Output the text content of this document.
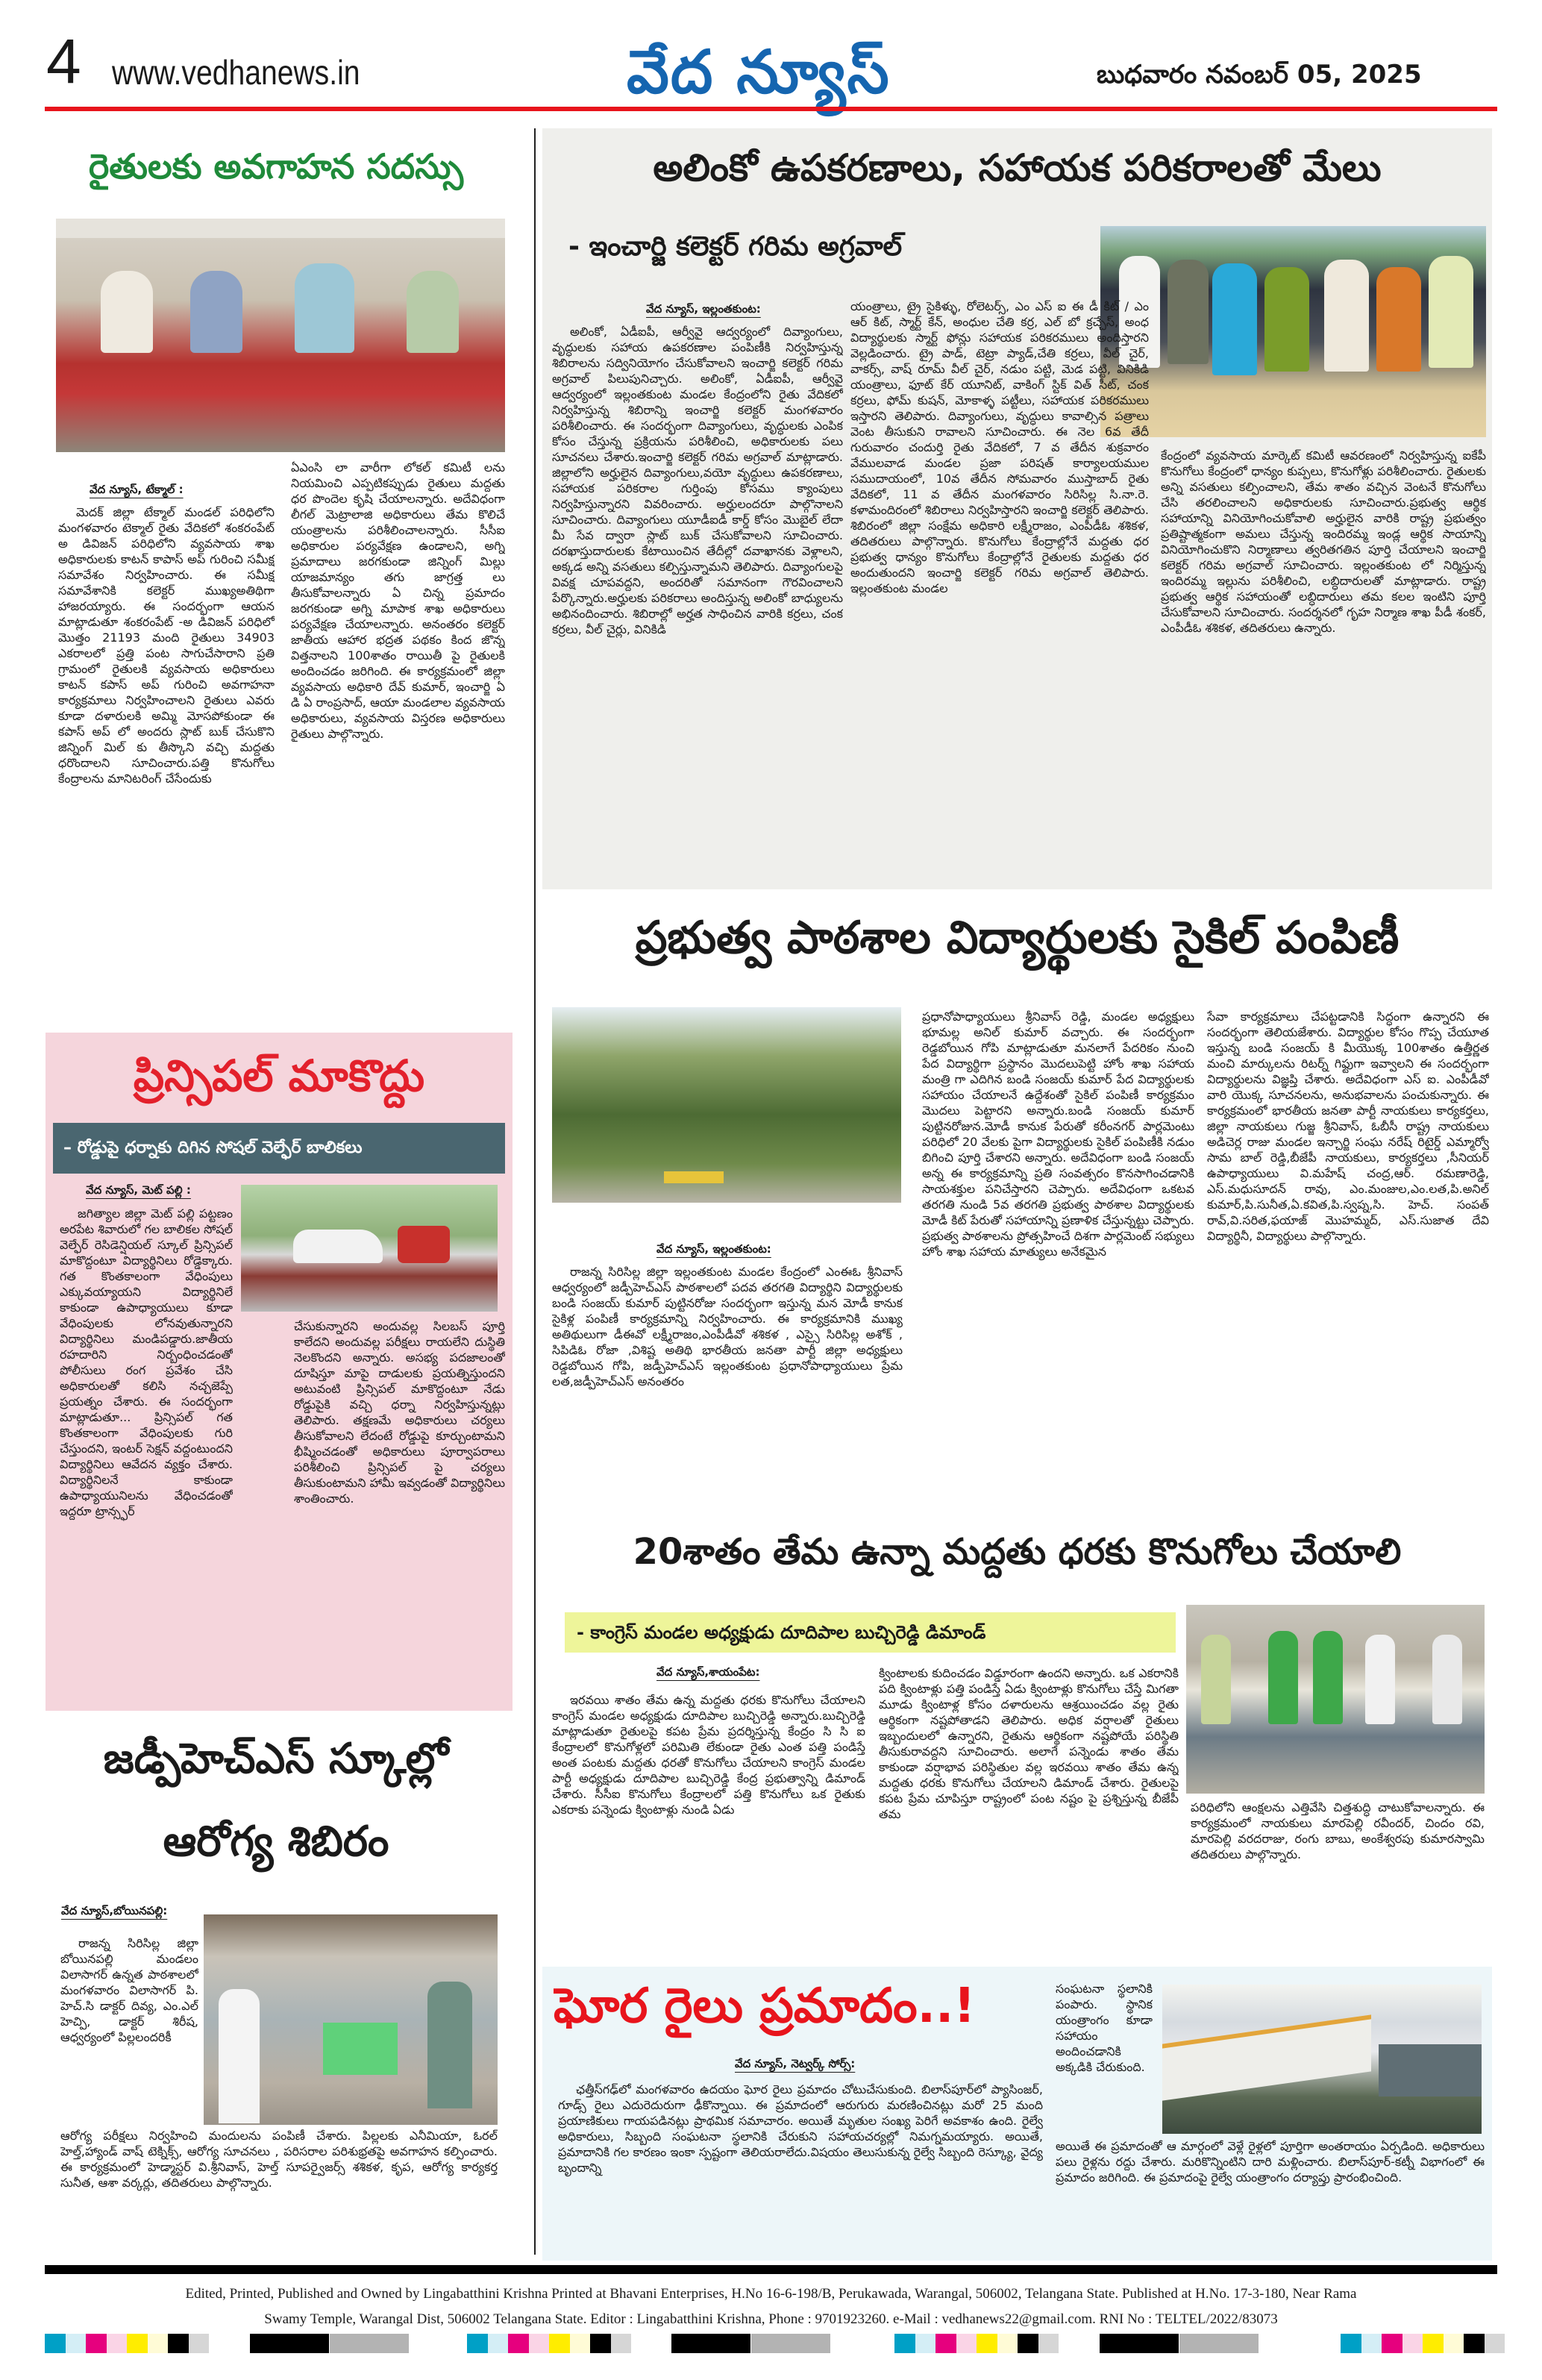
4 www.vedhanews.in	వేద న్యూస్	బుధవారం నవంబర్ 05, 2025
రైతులకు అవగాహన సదస్సు
వేద న్యూస్, టేక్మాల్ :

మెదక్ జిల్లా టేక్మాల్ మండల్ పరిధిలోని మంగళవారం టెక్మాల్ రైతు వేదికలో శంకరంపేట్ అ డివిజన్ పరిధిలోని వ్యవసాయ శాఖ అధికారులకు కాటన్ కాపాస్ అప్ గురించి సమీక్ష సమావేశం నిర్వహించారు. ఈ సమీక్ష సమావేశానికి కలెక్టర్ ముఖ్యఅతిథిగా హాజరయ్యారు. ఈ సందర్భంగా ఆయన మాట్లాడుతూ శంకరంపేట్ -అ డివిజన్ పరిధిలో మొత్తం 21193 మంది రైతులు 34903 ఎకరాలలో ప్రత్తి పంట సాగుచేసారాని ప్రతి గ్రామంలో రైతులకి వ్యవసాయ అధికారులు కాటన్ కపాస్ అప్ గురించి అవగాహనా కార్యక్రమాలు నిర్వహించాలని రైతులు ఎవరు కూడా దళారులకి అమ్మి మోసపోకుండా ఈ కపాస్ అప్ లో అందరు స్లాట్ బుక్ చేసుకొని జిన్నింగ్ మిల్ కు తీస్కొని వచ్చి మద్దతు ధరొందాలని సూచించారు.పత్తి కొనుగోలు కేంద్రాలను మానిటరింగ్ చేసేందుకు

ఏఎంసి లా వారీగా లోకల్ కమిటీ లను నియమించి ఎప్పటికప్పుడు రైతులు మద్దతు ధర పొందెల కృషి చేయాలన్నారు. అదేవిధంగా లీగల్ మెట్రాలాజి అధికారులు తేమ కొలిచే యంత్రాలను పరిశీలించాలన్నారు. సీసీఐ అధికారుల పర్యవేక్షణ ఉండాలని, అగ్ని ప్రమాదాలు జరగకుండా జిన్నింగ్ మిల్లు యాజమాన్యం తగు జాగ్రత్త లు తీసుకోవాలన్నారు ఏ చిన్న ప్రమాదం జరగకుండా అగ్ని మాపాక శాఖ అధికారులు పర్యవేక్షణ చేయాలన్నారు. అనంతరం కలెక్టర్ జాతీయ ఆహార భద్రత పథకం కింద జొన్న విత్తనాలని 100శాతం రాయితీ పై రైతులకి అందించడం జరిగింది. ఈ కార్యక్రమంలో జిల్లా వ్యవసాయ అధికారి దేవ్ కుమార్, ఇంచార్జి ఏ డి ఏ రాంప్రసాద్, ఆయా మండలాల వ్యవసాయ అధికారులు, వ్యవసాయ విస్తరణ అధికారులు రైతులు పాల్గొన్నారు.

ప్రిన్సిపల్ మాకొద్దు
– రోడ్డుపై ధర్నాకు దిగిన సోషల్ వెల్ఫేర్ బాలికలు
వేద న్యూస్, మెట్ పల్లి :

జగిత్యాల జిల్లా మెట్ పల్లి పట్టణం అరపేట శివారులో గల బాలికల సోషల్ వెల్ఫేర్ రెసిడెన్షియల్ స్కూల్ ప్రిన్సిపల్ మాకొద్దంటూ విద్యార్థినిలు రోడ్డెక్కారు. గత కొంతకాలంగా వేధింపులు ఎక్కువయ్యాయని విద్యార్థినిలే కాకుండా ఉపాధ్యాయులు కూడా వేధింపులకు లోనవుతున్నారని విద్యార్థినిలు మండిపడ్డారు.జాతీయ రహదారిని నిర్బంధించడంతో పోలీసులు రంగ ప్రవేశం చేసి అధికారులతో కలిసి నచ్చజెప్పే ప్రయత్నం చేశారు. ఈ సందర్భంగా మాట్లాడుతూ... ప్రిన్సిపల్ గత కొంతకాలంగా వేధింపులకు గురి చేస్తుందని, ఇంటర్ సెక్షన్ వద్దంటుందని విద్యార్థినిలు ఆవేదన వ్యక్తం చేశారు. విద్యార్థినిలనే కాకుండా ఉపాధ్యాయునిలను వేధించడంతో ఇద్దరూ ట్రాన్స్ఫర్

చేసుకున్నారని అందువల్ల సిలబస్ పూర్తి కాలేదని అందువల్ల పరీక్షలు రాయలేని దుస్థితి నెలకొందని అన్నారు. అసభ్య పదజాలంతో దూషిస్తూ మాపై దాడులకు ప్రయత్నిస్తుందని అటువంటి ప్రిన్సిపల్ మాకొద్దంటూ నేడు రోడ్డుపైకి వచ్చి ధర్నా నిర్వహిస్తున్నట్లు తెలిపారు. తక్షణమే అధికారులు చర్యలు తీసుకోవాలని లేదంటే రోడ్డుపై కూర్చుంటామని భీష్మించడంతో అధికారులు పూర్వాపరాలు పరిశీలించి ప్రిన్సిపల్ పై చర్యలు తీసుకుంటామని హామీ ఇవ్వడంతో విద్యార్థినిలు శాంతించారు.

జడ్పీహెచ్ఎస్ స్కూల్లో
ఆరోగ్య శిబిరం
వేద న్యూస్,బోయినపల్లి:

రాజన్న సిరిసిల్ల జిల్లా బోయినపల్లి మండలం విలాసాగర్ ఉన్నత పాఠశాలలో మంగళవారం విలాసాగర్ పి. హెచ్.సి డాక్టర్ దివ్య, ఎం.ఎల్ హెచ్పి, డాక్టర్ శిరీష, ఆధ్వర్యంలో పిల్లలందరికీ

ఆరోగ్య పరీక్షలు నిర్వహించి మందులను పంపిణీ చేశారు. పిల్లలకు ఎనీమియా, ఓరల్ హెల్త్,హ్యాండ్ వాష్ టెక్నిక్స్, ఆరోగ్య సూచనలు , పరిసరాల పరిశుభ్రతపై అవగాహన కల్పించారు. ఈ కార్యక్రమంలో హెడ్మాస్టర్ వి.శ్రీనివాస్, హెల్త్ సూపర్వైజర్స్ శశికళ, కృప, ఆరోగ్య కార్యకర్త సునీత, ఆశా వర్కర్లు, తదితరులు పాల్గొన్నారు.

అలింకో ఉపకరణాలు, సహాయక పరికరాలతో మేలు
- ఇంచార్జి కలెక్టర్ గరిమ అగ్రవాల్
వేద న్యూస్, ఇల్లంతకుంట:

అలింకో, ఏడీఐపీ, ఆర్వీవై ఆద్వర్యంలో దివ్యాంగులు, వృద్ధులకు సహాయ ఉపకరణాల పంపిణీకి నిర్వహిస్తున్న శిబిరాలను సద్వినియోగం చేసుకోవాలని ఇంచార్జి కలెక్టర్ గరిమ అగ్రవాల్ పిలుపునిచ్చారు. అలింకో, ఏడీఐపీ, ఆర్వీవై ఆద్వర్యంలో ఇల్లంతకుంట మండల కేంద్రంలోని రైతు వేదికలో నిర్వహిస్తున్న శిబిరాన్ని ఇంచార్జి కలెక్టర్ మంగళవారం పరిశీలించారు. ఈ సందర్భంగా దివ్యాంగులు, వృద్ధులకు ఎంపిక కోసం చేస్తున్న ప్రక్రియను పరిశీలించి, అధికారులకు పలు సూచనలు చేశారు.ఇంచార్జి కలెక్టర్ గరిమ అగ్రవాల్ మాట్లాడారు. జిల్లాలోని అర్హులైన దివ్యాంగులు,వయో వృద్ధులు ఉపకరణాలు, సహాయక పరికరాల గుర్తింపు కోసము క్యాంపులు నిర్వహిస్తున్నారని వివరించారు. అర్హులందరూ పాల్గొనాలని సూచించారు. దివ్యాంగులు యూడీఐడీ కార్డ్ కోసం మొబైల్ లేదా మీ సేవ ద్వారా స్లాట్ బుక్ చేసుకోవాలని సూచించారు. దరఖాస్తుదారులకు కేటాయించిన తేదీల్లో దవాఖానకు వెళ్లాలని, అక్కడ అన్ని వసతులు కల్పిస్తున్నామని తెలిపారు. దివ్యాంగులపై వివక్ష చూపవద్దని, అందరితో సమానంగా గౌరవించాలని పేర్కొన్నారు.అర్హులకు పరికరాలు అందిస్తున్న అలింకో బాధ్యులను అభినందించారు. శిబిరాల్లో అర్హత సాధించిన వారికి కర్రలు, చంక కర్రలు, వీల్ చైర్లు, వినికిడి

యంత్రాలు, ట్రై సైకిళ్ళు, రోలెటర్స్, ఎం ఎస్ ఐ ఈ డీ కిట్ / ఎం ఆర్ కిట్, స్మార్ట్ కేన్, అంధుల చేతి కర్ర, ఎల్ బో క్రచ్చేస్, అంధ విద్యార్థులకు స్మార్ట్ ఫోన్లు సహాయక పరికరములు అందిస్తారని వెల్లడించారు. ట్రై పాడ్, టెట్రా ప్యాడ్,చేతి కర్రలు, వీల్ చైర్, వాకర్స్, వాష్ రూమ్ వీల్ చైర్, నడుం పట్టి, మెడ పట్టి, వినికిడి యంత్రాలు, ఫూట్ కేర్ యూనిట్, వాకింగ్ స్టిక్ విత్ సీట్, చంక కర్రలు, ఫోమ్ కుషన్, మోకాళ్ళ పట్టీలు, సహాయక పరికరములు ఇస్తారని తెలిపారు. దివ్యాంగులు, వృద్ధులు కావాల్సిన పత్రాలు వెంట తీసుకుని రావాలని సూచించారు. ఈ నెల 6వ తేదీ గురువారం చందుర్తి రైతు వేదికలో, 7 వ తేదీన శుక్రవారం వేములవాడ మండల ప్రజా పరిషత్ కార్యాలయముల సముదాయంలో, 10వ తేదీన సోమవారం ముస్తాబాద్ రైతు వేదికలో, 11 వ తేదీన మంగళవారం సిరిసిల్ల సి.నా.రె. కళామందిరంలో శిబిరాలు నిర్వహిస్తారని ఇంచార్జి కలెక్టర్ తెలిపారు. శిబిరంలో జిల్లా సంక్షేమ అధికారి లక్ష్మీరాజం, ఎంపీడీఓ శశికళ, తదితరులు పాల్గొన్నారు. కొనుగోలు కేంద్రాల్లోనే మద్దతు ధర ప్రభుత్వ ధాన్యం కొనుగోలు కేంద్రాల్లోనే రైతులకు మద్దతు ధర అందుతుందని ఇంచార్జి కలెక్టర్ గరిమ అగ్రవాల్ తెలిపారు. ఇల్లంతకుంట మండల

కేంద్రంలో వ్యవసాయ మార్కెట్ కమిటీ ఆవరణంలో నిర్వహిస్తున్న ఐకేపీ కొనుగోలు కేంద్రంలో ధాన్యం కుప్పలు, కొనుగోళ్లు పరిశీలించారు. రైతులకు అన్ని వసతులు కల్పించాలని, తేమ శాతం వచ్చిన వెంటనే కొనుగోలు చేసి తరలించాలని అధికారులకు సూచించారు.ప్రభుత్వ ఆర్థిక సహాయాన్ని వినియోగించుకోవాలి అర్హులైన వారికి రాష్ట్ర ప్రభుత్వం ప్రతిష్టాత్మకంగా అమలు చేస్తున్న ఇందిరమ్మ ఇండ్ల ఆర్థిక సాయాన్ని వినియోగించుకొని నిర్మాణాలు త్వరితగతిన పూర్తి చేయాలని ఇంచార్జి కలెక్టర్ గరిమ అగ్రవాల్ సూచించారు. ఇల్లంతకుంట లో నిర్మిస్తున్న ఇందిరమ్మ ఇల్లును పరిశీలించి, లబ్ధిదారులతో మాట్లాడారు. రాష్ట్ర ప్రభుత్వ ఆర్థిక సహాయంతో లబ్ధిదారులు తమ కలల ఇంటిని పూర్తి చేసుకోవాలని సూచించారు. సందర్శనలో గృహ నిర్మాణ శాఖ పీడీ శంకర్, ఎంపీడీఓ శశికళ, తదితరులు ఉన్నారు.

ప్రభుత్వ పాఠశాల విద్యార్థులకు సైకిల్ పంపిణీ
వేద న్యూస్, ఇల్లంతకుంట:

రాజన్న సిరిసిల్ల జిల్లా ఇల్లంతకుంట మండల కేంద్రంలో ఎంఈఓ శ్రీనివాస్ ఆధ్వర్యంలో జడ్పీహెచ్ఎస్ పాఠశాలలో పదవ తరగతి విద్యార్థిని విద్యార్థులకు బండి సంజయ్ కుమార్ పుట్టినరోజు సందర్భంగా ఇస్తున్న మన మోడీ కానుక సైకిళ్ల పంపిణీ కార్యక్రమాన్ని నిర్వహించారు. ఈ కార్యక్రమానికి ముఖ్య అతిథులుగా డీఈవో లక్ష్మీరాజం,ఎంపీడీవో శశికళ , ఎస్సై సిరిసిల్ల అశోక్ , సిపిడిఓ రోజా ,విశిష్ట అతిథి భారతీయ జనతా పార్టీ జిల్లా అధ్యక్షులు రెడ్డబోయిన గోపి, జడ్పీహెచ్ఎస్ ఇల్లంతకుంట ప్రధానోపాధ్యాయులు ప్రేమ లత,జడ్పీహెచ్ఎస్ అనంతరం

ప్రధానోపాధ్యాయులు శ్రీనివాస్ రెడ్డి, మండల అధ్యక్షులు భూమల్ల అనిల్ కుమార్ వచ్చారు. ఈ సందర్భంగా రెడ్డబోయిన గోపి మాట్లాడుతూ మనలాగే పేదరికం నుంచి పేద విద్యార్థిగా ప్రస్థానం మొదలుపెట్టి హోం శాఖ సహాయ మంత్రి గా ఎదిగిన బండి సంజయ్ కుమార్ పేద విద్యార్థులకు సహాయం చేయాలనే ఉద్దేశంతో సైకిల్ పంపిణీ కార్యక్రమం మొదలు పెట్టారని అన్నారు.బండి సంజయ్ కుమార్ పుట్టినరోజున.మోడీ కానుక పేరుతో కరీంనగర్ పార్లమెంటు పరిధిలో 20 వేలకు పైగా విద్యార్థులకు సైకిల్ పంపిణీకి నడుం బిగించి పూర్తి చేశారని అన్నారు. అదేవిధంగా బండి సంజయ్ అన్న ఈ కార్యక్రమాన్ని ప్రతి సంవత్సరం కొనసాగించడానికి సాయశక్తుల పనిచేస్తారని చెప్పారు. అదేవిధంగా ఒకటవ తరగతి నుండి 5వ తరగతి ప్రభుత్వ పాఠశాల విద్యార్థులకు మోడీ కిట్ పేరుతో సహాయాన్ని ప్రణాళిక చేస్తున్నట్టు చెప్పారు. ప్రభుత్వ పాఠశాలను ప్రోత్సహించే దిశగా పార్లమెంట్ సభ్యులు హోం శాఖ సహాయ మాత్యులు అనేకమైన

సేవా కార్యక్రమాలు చేపట్టడానికి సిద్ధంగా ఉన్నారని ఈ సందర్భంగా తెలియజేశారు. విద్యార్థుల కోసం గొప్ప చేయూత ఇస్తున్న బండి సంజయ్ కి మీయొక్క 100శాతం ఉత్తీర్ణత మంచి మార్కులను రిటర్న్ గిఫ్టుగా ఇవ్వాలని ఈ సందర్భంగా విద్యార్థులను విజ్ఞప్తి చేశారు. అదేవిధంగా ఎస్ ఐ. ఎంపీడీవో వారి యొక్క సూచనలను, అనుభవాలను పంచుకున్నారు. ఈ కార్యక్రమంలో భారతీయ జనతా పార్టీ నాయకులు కార్యకర్తలు, జిల్లా నాయకులు గుజ్జ శ్రీనివాస్, ఓబీసీ రాష్ట్ర నాయకులు అడిచెర్ల రాజు మండల ఇన్చార్జి సంఘ నరేష్ రిటైర్డ్ ఎమ్మార్వో సామ బాల్ రెడ్డి,బీజేపీ నాయకులు, కార్యకర్తలు ,సీనియర్ ఉపాధ్యాయులు వి.మహేష్ చంద్ర,ఆర్. రమణారెడ్డి, ఎస్.మధుసూదన్ రావు, ఎం.మంజుల,ఎం.లత,పి.అనిల్ కుమార్,పి.సునీత,ఏ.కవిత,పి.స్వప్న,సి. హెచ్. సంపత్ రావ్,వి.సరిత,ఫయాజ్ మొహమ్మద్, ఎస్.సుజాత దేవి విద్యార్థినీ, విద్యార్థులు పాల్గొన్నారు.

20శాతం తేమ ఉన్నా మద్దతు ధరకు కొనుగోలు చేయాలి
- కాంగ్రెస్ మండల అధ్యక్షుడు దూదిపాల బుచ్చిరెడ్డి డిమాండ్
వేద న్యూస్,శాయంపేట:

ఇరవయి శాతం తేమ ఉన్న మద్దతు ధరకు కొనుగోలు చేయాలని కాంగ్రెస్ మండల అధ్యక్షుడు దూదిపాల బుచ్చిరెడ్డి అన్నారు.బుచ్చిరెడ్డి మాట్లాడుతూ రైతులపై కపట ప్రేమ ప్రదర్శిస్తున్న కేంద్రం సి సి ఐ కేంద్రాలలో కొనుగోళ్లలో పరిమితి లేకుండా రైతు ఎంత పత్తి పండిస్తే అంత పంటకు మద్దతు ధరతో కొనుగోలు చేయాలని కాంగ్రెస్ మండల పార్టీ అధ్యక్షుడు దూదిపాల బుచ్చిరెడ్డి కేంద్ర ప్రభుత్వాన్ని డిమాండ్ చేశారు. సీసీఐ కొనుగోలు కేంద్రాలలో పత్తి కొనుగోలు ఒక రైతుకు ఎకరాకు పన్నెండు క్వింటాళ్లు నుండి ఏడు

క్వింటాలకు కుదించడం విడ్డూరంగా ఉందని అన్నారు. ఒక ఎకరానికి పది క్వింటాళ్లు పత్తి పండిస్తే ఏడు క్వింటాళ్లు కొనుగోలు చేస్తే మిగతా మూడు క్వింటాళ్ల కోసం దళారులను ఆశ్రయించడం వల్ల రైతు ఆర్థికంగా నష్టపోతాడని తెలిపారు. అధిక వర్షాలతో రైతులు ఇబ్బందులలో ఉన్నారని, రైతును ఆర్థికంగా నష్టపోయే పరిస్థితి తీసుకురావద్దని సూచించారు. అలాగే పన్నెండు శాతం తేమ కాకుండా వర్షాభావ పరిస్థితుల వల్ల ఇరవయి శాతం తేమ ఉన్న మద్దతు ధరకు కొనుగోలు చేయాలని డిమాండ్ చేశారు. రైతులపై కపట ప్రేమ చూపిస్తూ రాష్ట్రంలో పంట నష్టం పై ప్రశ్నిస్తున్న బీజేపీ తమ	పరిధిలోని ఆంక్షలను ఎత్తివేసి చిత్తశుద్ధి చాటుకోవాలన్నారు. ఈ కార్యక్రమంలో నాయకులు మారపెల్లి రవీందర్, చిందం రవి, మారపెల్లి వరదరాజు, రంగు బాబు, అంకేశ్వరపు కుమారస్వామి తదితరులు పాల్గొన్నారు.

ఘోర రైలు ప్రమాదం..!
వేద న్యూస్, నెట్వర్క్ సోర్స్:

ఛత్తీస్‌గఢ్‌లో మంగళవారం ఉదయం ఘోర రైలు ప్రమాదం చోటుచేసుకుంది. బిలాస్‌పూర్‌లో ప్యాసింజర్, గూడ్స్ రైలు ఎదురెదురుగా ఢీకొన్నాయి. ఈ ప్రమాదంలో ఆరుగురు మరణించినట్లు మరో 25 మంది ప్రయాణికులు గాయపడినట్లు ప్రాథమిక సమాచారం. అయితే మృతుల సంఖ్య పెరిగే అవకాశం ఉంది. రైల్వే అధికారులు, సిబ్బంది సంఘటనా స్థలానికి చేరుకుని సహాయచర్యల్లో నిమగ్నమయ్యారు. అయితే, ప్రమాదానికి గల కారణం ఇంకా స్పష్టంగా తెలియరాలేదు.విషయం తెలుసుకున్న రైల్వే సిబ్బంది రెస్క్యూ, వైద్య బృందాన్ని

సంఘటనా స్థలానికి పంపారు. స్థానిక యంత్రాంగం కూడా సహాయం అందించడానికి అక్కడికి చేరుకుంది.

అయితే ఈ ప్రమాదంతో ఆ మార్గంలో వెళ్లే రైళ్లలో పూర్తిగా అంతరాయం ఏర్పడింది. అధికారులు పలు రైళ్లను రద్దు చేశారు. మరికొన్నింటిని దారి మళ్లించారు. బిలాస్‌పూర్-కట్నీ విభాగంలో ఈ ప్రమాదం జరిగింది. ఈ ప్రమాదంపై రైల్వే యంత్రాంగం దర్యాప్తు ప్రారంభించింది.

Edited, Printed, Published and Owned by Lingabatthini Krishna Printed at Bhavani Enterprises, H.No 16-6-198/B, Perukawada, Warangal, 506002, Telangana State. Published at H.No. 17-3-180, Near Rama
Swamy Temple, Warangal Dist, 506002 Telangana State. Editor : Lingabatthini Krishna, Phone : 9701923260. e-Mail : vedhanews22@gmail.com. RNI No : TELTEL/2022/83073
